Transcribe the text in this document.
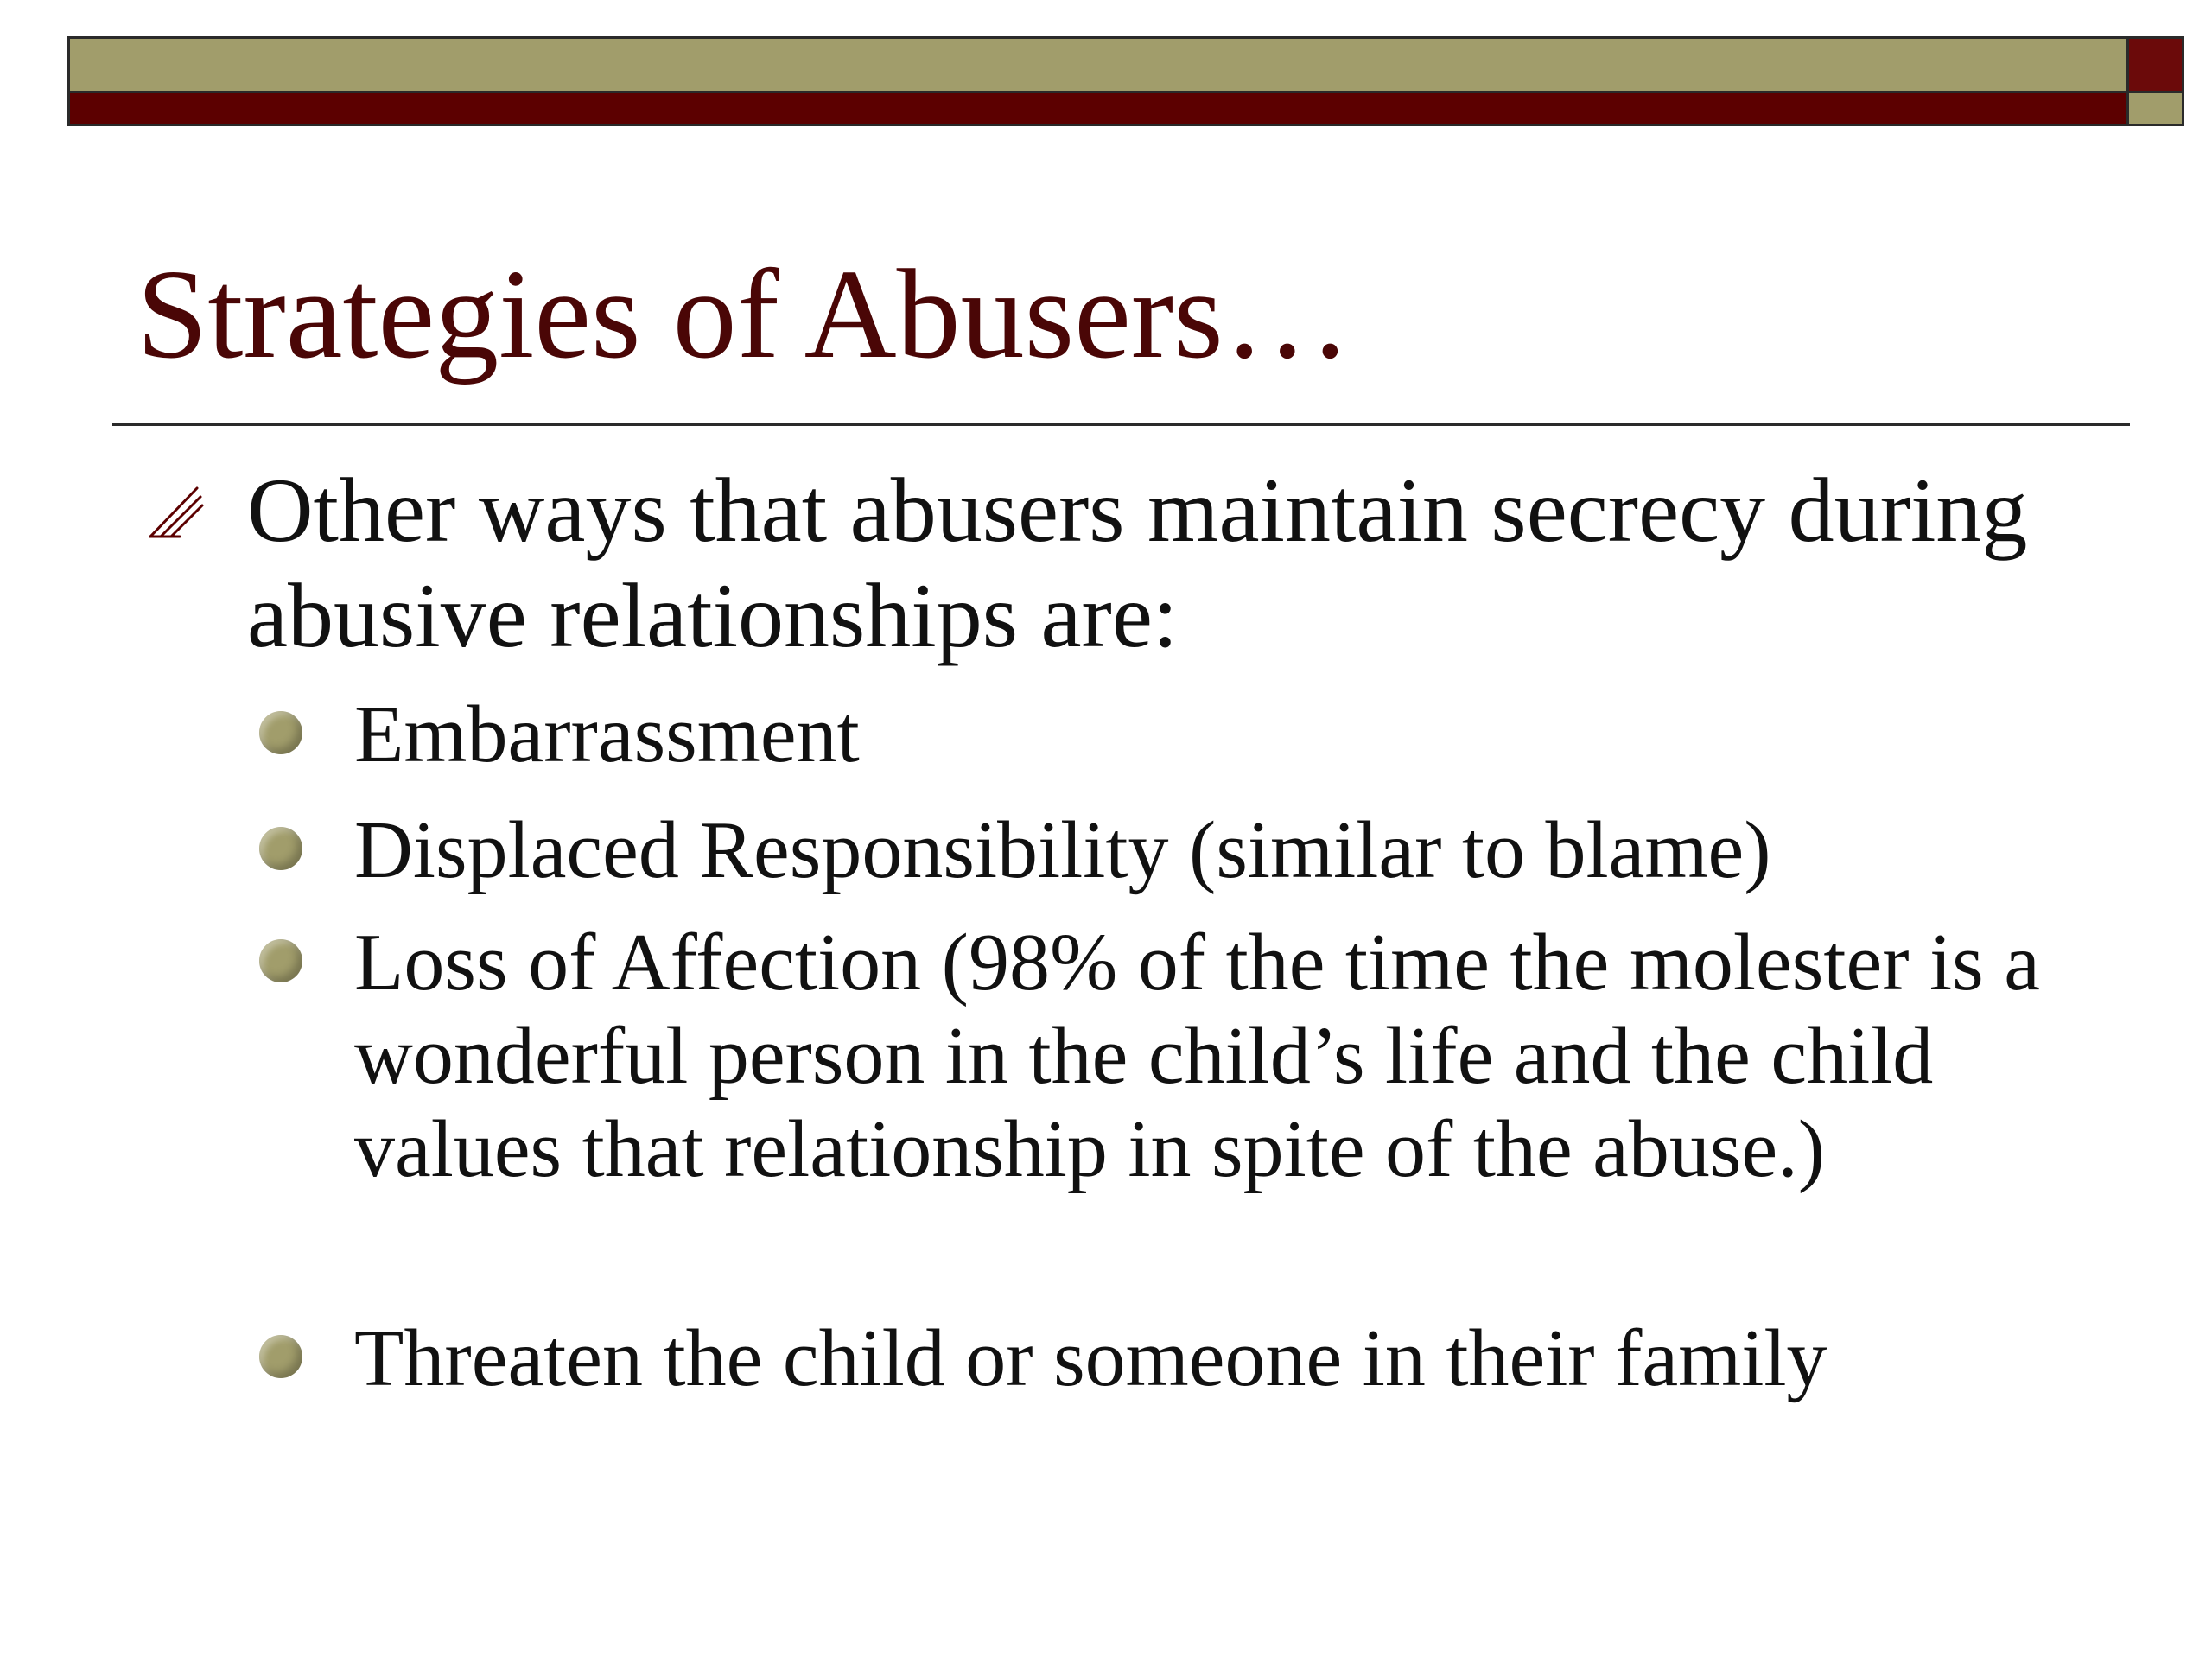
Strategies of Abusers…
Other ways that abusers maintain secrecy during abusive relationships are:
Embarrassment
Displaced Responsibility (similar to blame)
Loss of Affection (98% of the time the molester is a wonderful person in the child’s life and the child values that relationship in spite of the abuse.)
Threaten the child or someone in their family
